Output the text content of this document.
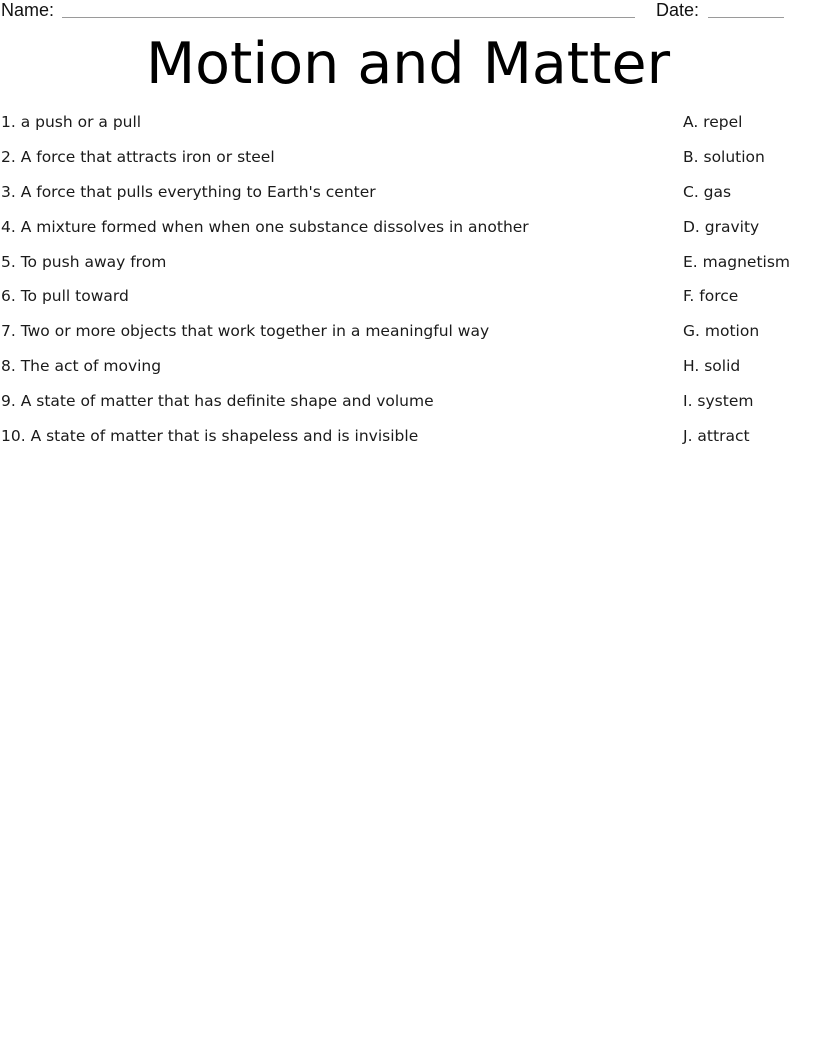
Name:	Date:
Motion and Matter
1. a push or a pull
2. A force that attracts iron or steel
3. A force that pulls everything to Earth's center
4. A mixture formed when when one substance dissolves in another
5. To push away from
6. To pull toward
7. Two or more objects that work together in a meaningful way
8. The act of moving
9. A state of matter that has definite shape and volume
10. A state of matter that is shapeless and is invisible
A. repel
B. solution
C. gas
D. gravity
E. magnetism
F. force
G. motion
H. solid
I. system
J. attract
